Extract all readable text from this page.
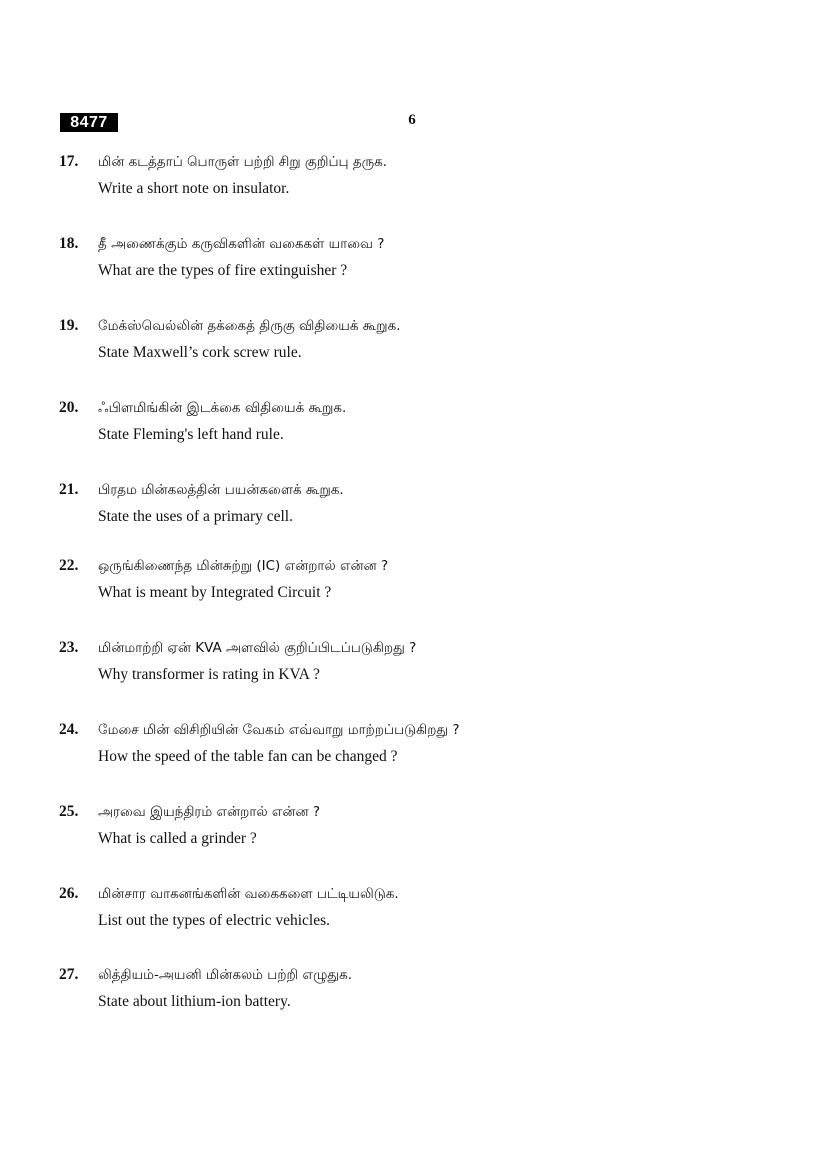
8477	6
17.	மின் கடத்தாப் பொருள் பற்றி சிறு குறிப்பு தருக.
Write a short note on insulator.
18.	தீ அணைக்கும் கருவிகளின் வகைகள் யாவை ?
What are the types of fire extinguisher ?
19.	மேக்ஸ்வெல்லின் தக்கைத் திருகு விதியைக் கூறுக.
State Maxwell’s cork screw rule.
20.	ஃபிளமிங்கின் இடக்கை விதியைக் கூறுக.
State Fleming's left hand rule.
21.	பிரதம மின்கலத்தின் பயன்களைக் கூறுக.
State the uses of a primary cell.
22.	ஒருங்கிணைந்த மின்சுற்று (IC) என்றால் என்ன ?
What is meant by Integrated Circuit ?
23.	மின்மாற்றி ஏன் KVA அளவில் குறிப்பிடப்படுகிறது ?
Why transformer is rating in KVA ?
24.	மேசை மின் விசிறியின் வேகம் எவ்வாறு மாற்றப்படுகிறது ?
How the speed of the table fan can be changed ?
25.	அரவை இயந்திரம் என்றால் என்ன ?
What is called a grinder ?
26.	மின்சார வாகனங்களின் வகைகளை பட்டியலிடுக.
List out the types of electric vehicles.
27.	லித்தியம்-அயனி மின்கலம் பற்றி எழுதுக.
State about lithium-ion battery.
